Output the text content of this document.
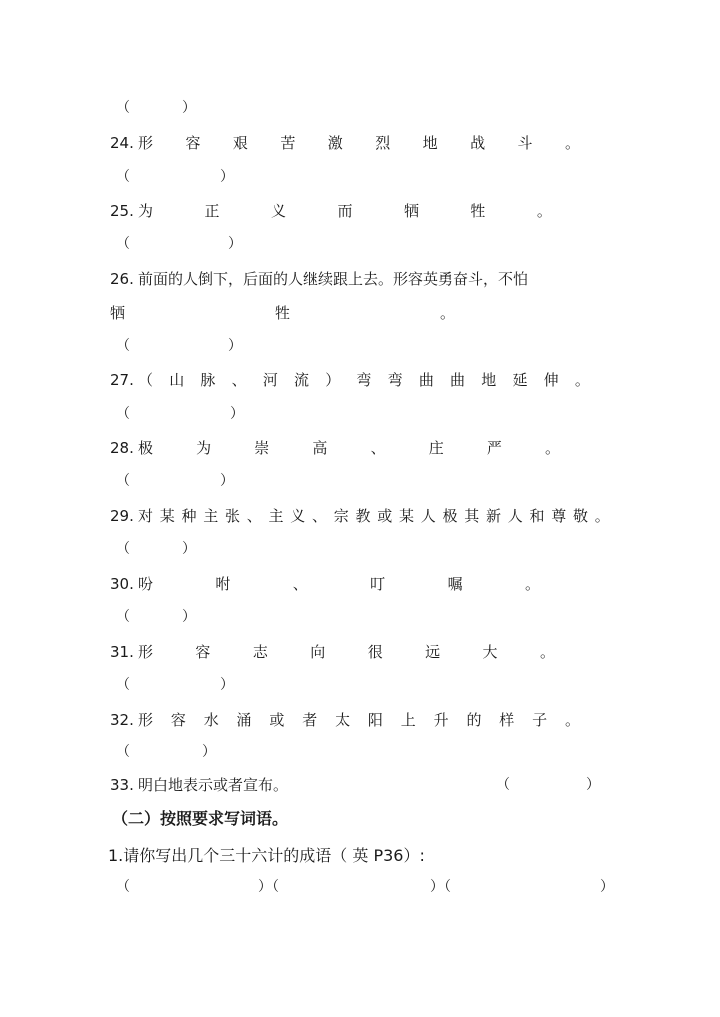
（	）
24. 形 容 艰 苦 激 烈 地 战 斗 。
（	）
25. 为	正	义	而	牺	牲	。
（	）
26. 前面的人倒下，后面的人继续跟上去。形容英勇奋斗，不怕
牺	牲	。
（	）
27. （ 山 脉 、 河 流 ） 弯 弯 曲 曲 地 延 伸 。
（	）
28. 极	为	崇	高	、	庄	严	。
（	）
29. 对 某 种 主 张 、 主 义 、 宗 教 或 某 人 极 其 新 人 和 尊 敬 。
（	）
30. 吩	咐	、	叮	嘱	。
（	）
31. 形	容	志	向	很	远	大	。
（	）
32. 形 容 水 涌 或 者 太 阳 上 升 的 样 子 。
（	）
33. 明白地表示或者宣布。	（	）
（二）按照要求写词语。
1.请你写出几个三十六计的成语（ 英 P36）:
（	）（	）（	）
